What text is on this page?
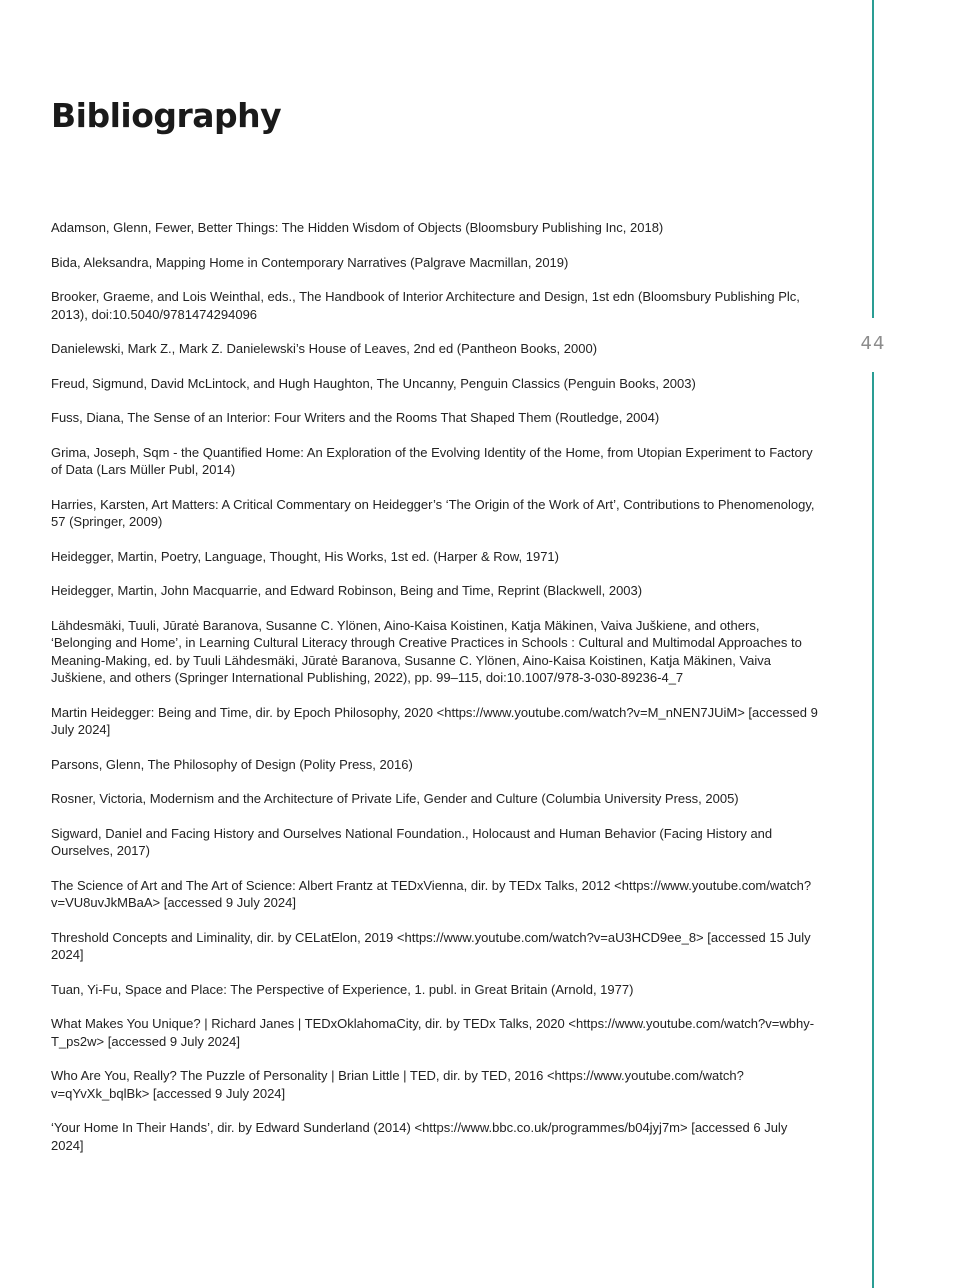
Bibliography

Adamson, Glenn, Fewer, Better Things: The Hidden Wisdom of Objects (Bloomsbury Publishing Inc, 2018)

Bida, Aleksandra, Mapping Home in Contemporary Narratives (Palgrave Macmillan, 2019)

Brooker, Graeme, and Lois Weinthal, eds., The Handbook of Interior Architecture and Design, 1st edn (Bloomsbury Publishing Plc, 2013), doi:10.5040/9781474294096

Danielewski, Mark Z., Mark Z. Danielewski’s House of Leaves, 2nd ed (Pantheon Books, 2000)

Freud, Sigmund, David McLintock, and Hugh Haughton, The Uncanny, Penguin Classics (Penguin Books, 2003)

Fuss, Diana, The Sense of an Interior: Four Writers and the Rooms That Shaped Them (Routledge, 2004)

Grima, Joseph, Sqm - the Quantified Home: An Exploration of the Evolving Identity of the Home, from Utopian Experiment to Factory of Data (Lars Müller Publ, 2014)

Harries, Karsten, Art Matters: A Critical Commentary on Heidegger’s ‘The Origin of the Work of Art’, Contributions to Phenomenology, 57 (Springer, 2009)

Heidegger, Martin, Poetry, Language, Thought, His Works, 1st ed. (Harper & Row, 1971)

Heidegger, Martin, John Macquarrie, and Edward Robinson, Being and Time, Reprint (Blackwell, 2003)

Lähdesmäki, Tuuli, Jūratė Baranova, Susanne C. Ylönen, Aino-Kaisa Koistinen, Katja Mäkinen, Vaiva Juškiene, and others, ‘Belonging and Home’, in Learning Cultural Literacy through Creative Practices in Schools : Cultural and Multimodal Approaches to Meaning-Making, ed. by Tuuli Lähdesmäki, Jūratė Baranova, Susanne C. Ylönen, Aino-Kaisa Koistinen, Katja Mäkinen, Vaiva Juškiene, and others (Springer International Publishing, 2022), pp. 99–115, doi:10.1007/978-3-030-89236-4_7

Martin Heidegger: Being and Time, dir. by Epoch Philosophy, 2020 <https://www.youtube.com/watch?v=M_nNEN7JUiM> [accessed 9 July 2024]

Parsons, Glenn, The Philosophy of Design (Polity Press, 2016)

Rosner, Victoria, Modernism and the Architecture of Private Life, Gender and Culture (Columbia University Press, 2005)

Sigward, Daniel and Facing History and Ourselves National Foundation., Holocaust and Human Behavior (Facing History and Ourselves, 2017)

The Science of Art and The Art of Science: Albert Frantz at TEDxVienna, dir. by TEDx Talks, 2012 <https://www.youtube.com/watch?v=VU8uvJkMBaA> [accessed 9 July 2024]

Threshold Concepts and Liminality, dir. by CELatElon, 2019 <https://www.youtube.com/watch?v=aU3HCD9ee_8> [accessed 15 July 2024]

Tuan, Yi-Fu, Space and Place: The Perspective of Experience, 1. publ. in Great Britain (Arnold, 1977)

What Makes You Unique? | Richard Janes | TEDxOklahomaCity, dir. by TEDx Talks, 2020 <https://www.youtube.com/watch?v=wbhy-T_ps2w> [accessed 9 July 2024]

Who Are You, Really? The Puzzle of Personality | Brian Little | TED, dir. by TED, 2016 <https://www.youtube.com/watch?v=qYvXk_bqlBk> [accessed 9 July 2024]

‘Your Home In Their Hands’, dir. by Edward Sunderland (2014) <https://www.bbc.co.uk/programmes/b04jyj7m> [accessed 6 July 2024]

44
